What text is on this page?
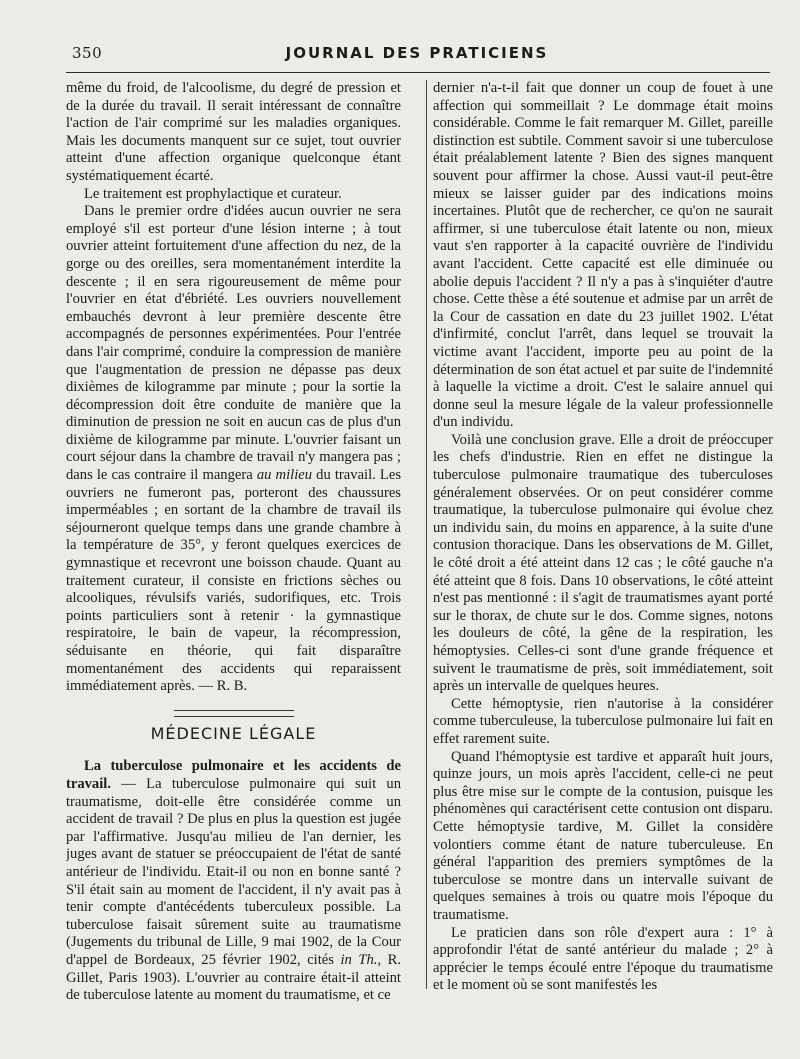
350	JOURNAL DES PRATICIENS

même du froid, de l'alcoolisme, du degré de pression et de la durée du travail. Il serait intéressant de connaître l'action de l'air comprimé sur les maladies organiques. Mais les documents manquent sur ce sujet, tout ouvrier atteint d'une affection organique quelconque étant systématiquement écarté.

Le traitement est prophylactique et curateur.

Dans le premier ordre d'idées aucun ouvrier ne sera employé s'il est porteur d'une lésion interne ; à tout ouvrier atteint fortuitement d'une affection du nez, de la gorge ou des oreilles, sera momentanément interdite la descente ; il en sera rigoureusement de même pour l'ouvrier en état d'ébriété. Les ouvriers nouvellement embauchés devront à leur première descente être accompagnés de personnes expérimentées. Pour l'entrée dans l'air comprimé, conduire la compression de manière que l'augmentation de pression ne dépasse pas deux dixièmes de kilogramme par minute ; pour la sortie la décompression doit être conduite de manière que la diminution de pression ne soit en aucun cas de plus d'un dixième de kilogramme par minute. L'ouvrier faisant un court séjour dans la chambre de travail n'y mangera pas ; dans le cas contraire il mangera au milieu du travail. Les ouvriers ne fumeront pas, porteront des chaussures imperméables ; en sortant de la chambre de travail ils séjourneront quelque temps dans une grande chambre à la température de 35°, y feront quelques exercices de gymnastique et recevront une boisson chaude. Quant au traitement curateur, il consiste en frictions sèches ou alcooliques, révulsifs variés, sudorifiques, etc. Trois points particuliers sont à retenir · la gymnastique respiratoire, le bain de vapeur, la récompression, séduisante en théorie, qui fait disparaître momentanément des accidents qui reparaissent immédiatement après. — R. B.

MÉDECINE LÉGALE

La tuberculose pulmonaire et les accidents de travail. — La tuberculose pulmonaire qui suit un traumatisme, doit-elle être considérée comme un accident de travail ? De plus en plus la question est jugée par l'affirmative. Jusqu'au milieu de l'an dernier, les juges avant de statuer se préoccupaient de l'état de santé antérieur de l'individu. Etait-il ou non en bonne santé ? S'il était sain au moment de l'accident, il n'y avait pas à tenir compte d'antécédents tuberculeux possible. La tuberculose faisait sûrement suite au traumatisme (Jugements du tribunal de Lille, 9 mai 1902, de la Cour d'appel de Bordeaux, 25 février 1902, cités in Th., R. Gillet, Paris 1903). L'ouvrier au contraire était-il atteint de tuberculose latente au moment du traumatisme, et ce

dernier n'a-t-il fait que donner un coup de fouet à une affection qui sommeillait ? Le dommage était moins considérable. Comme le fait remarquer M. Gillet, pareille distinction est subtile. Comment savoir si une tuberculose était préalablement latente ? Bien des signes manquent souvent pour affirmer la chose. Aussi vaut-il peut-être mieux se laisser guider par des indications moins incertaines. Plutôt que de rechercher, ce qu'on ne saurait affirmer, si une tuberculose était latente ou non, mieux vaut s'en rapporter à la capacité ouvrière de l'individu avant l'accident. Cette capacité est elle diminuée ou abolie depuis l'accident ? Il n'y a pas à s'inquiéter d'autre chose. Cette thèse a été soutenue et admise par un arrêt de la Cour de cassation en date du 23 juillet 1902. L'état d'infirmité, conclut l'arrêt, dans lequel se trouvait la victime avant l'accident, importe peu au point de la détermination de son état actuel et par suite de l'indemnité à laquelle la victime a droit. C'est le salaire annuel qui donne seul la mesure légale de la valeur professionnelle d'un individu.

Voilà une conclusion grave. Elle a droit de préoccuper les chefs d'industrie. Rien en effet ne distingue la tuberculose pulmonaire traumatique des tuberculoses généralement observées. Or on peut considérer comme traumatique, la tuberculose pulmonaire qui évolue chez un individu sain, du moins en apparence, à la suite d'une contusion thoracique. Dans les observations de M. Gillet, le côté droit a été atteint dans 12 cas ; le côté gauche n'a été atteint que 8 fois. Dans 10 observations, le côté atteint n'est pas mentionné : il s'agit de traumatismes ayant porté sur le thorax, de chute sur le dos. Comme signes, notons les douleurs de côté, la gêne de la respiration, les hémoptysies. Celles-ci sont d'une grande fréquence et suivent le traumatisme de près, soit immédiatement, soit après un intervalle de quelques heures.

Cette hémoptysie, rien n'autorise à la considérer comme tuberculeuse, la tuberculose pulmonaire lui fait en effet rarement suite.

Quand l'hémoptysie est tardive et apparaît huit jours, quinze jours, un mois après l'accident, celle-ci ne peut plus être mise sur le compte de la contusion, puisque les phénomènes qui caractérisent cette contusion ont disparu. Cette hémoptysie tardive, M. Gillet la considère volontiers comme étant de nature tuberculeuse. En général l'apparition des premiers symptômes de la tuberculose se montre dans un intervalle suivant de quelques semaines à trois ou quatre mois l'époque du traumatisme.

Le praticien dans son rôle d'expert aura : 1° à approfondir l'état de santé antérieur du malade ; 2° à apprécier le temps écoulé entre l'époque du traumatisme et le moment où se sont manifestés les
